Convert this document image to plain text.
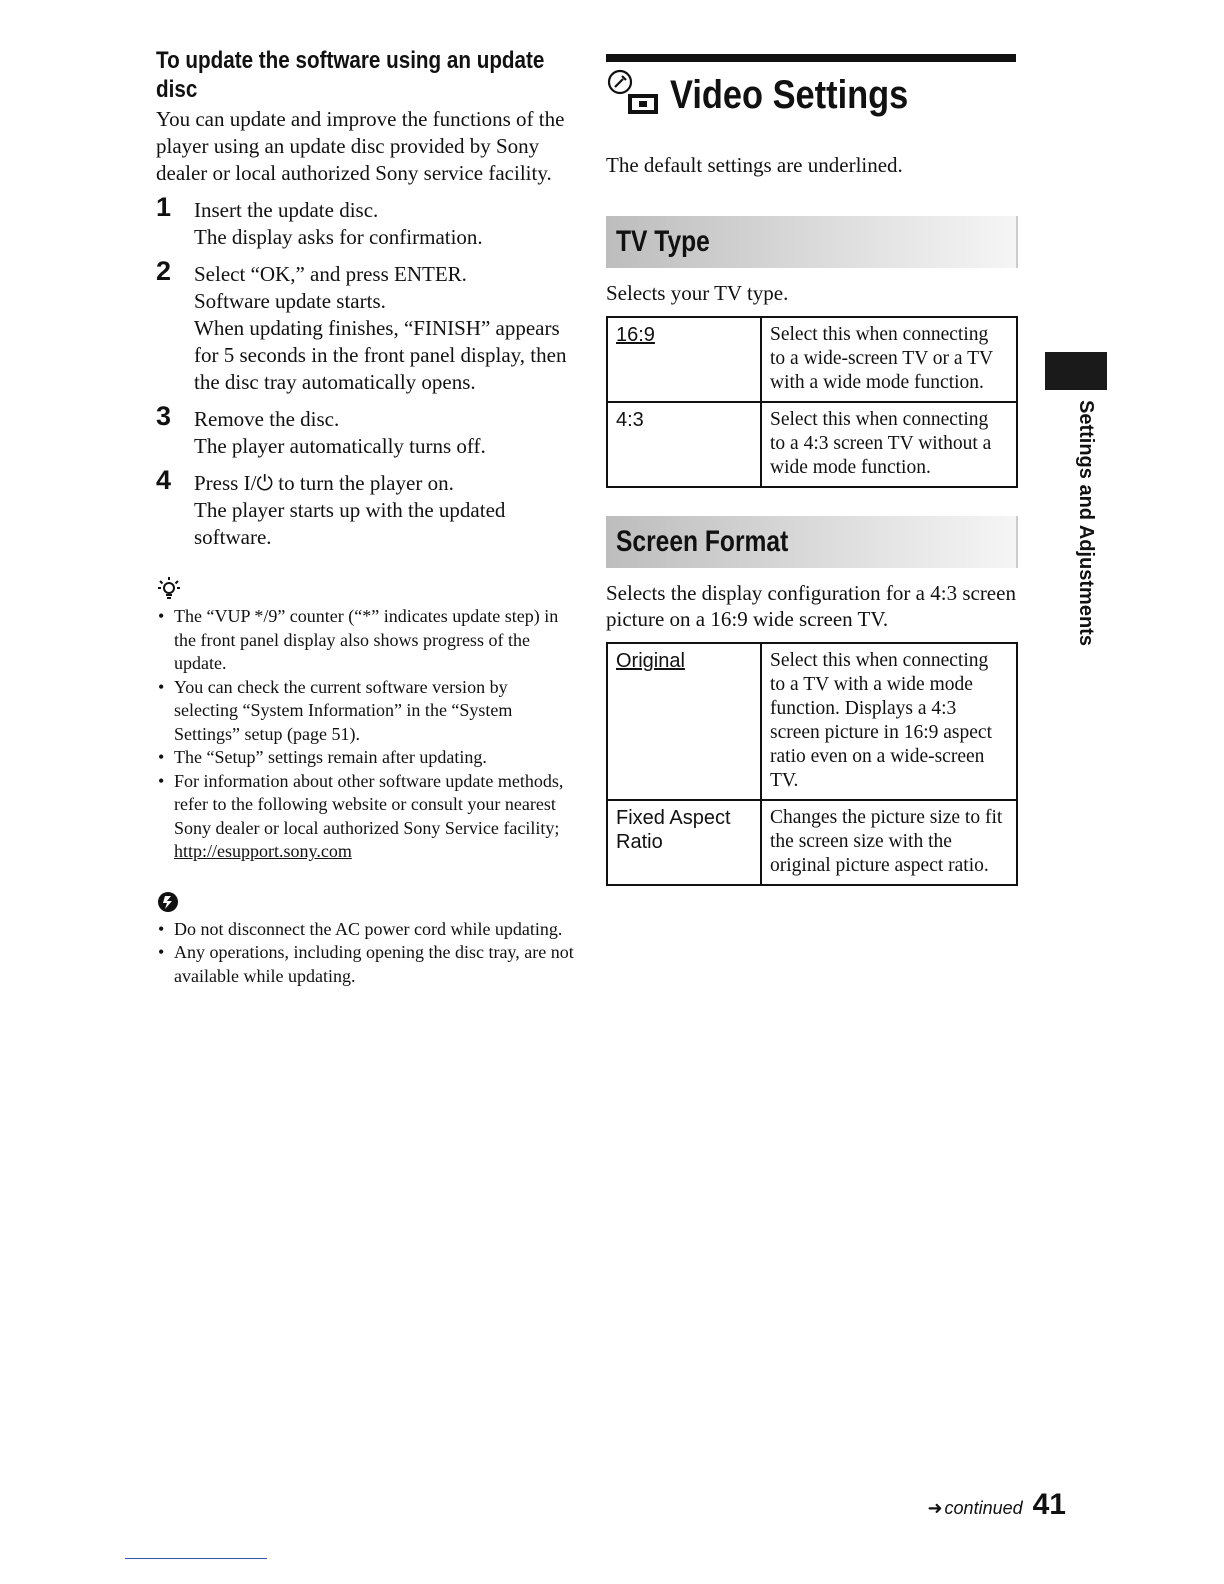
To update the software using an update disc

You can update and improve the functions of the player using an update disc provided by Sony dealer or local authorized Sony service facility.

1 Insert the update disc.
The display asks for confirmation.
2 Select “OK,” and press ENTER.
Software update starts.
When updating finishes, “FINISH” appears for 5 seconds in the front panel display, then the disc tray automatically opens.
3 Remove the disc.
The player automatically turns off.
4 Press I/⏻ to turn the player on.
The player starts up with the updated software.
• The “VUP */9” counter (“*” indicates update step) in the front panel display also shows progress of the update.
• You can check the current software version by selecting “System Information” in the “System Settings” setup (page 51).
• The “Setup” settings remain after updating.
• For information about other software update methods, refer to the following website or consult your nearest Sony dealer or local authorized Sony Service facility;
http://esupport.sony.com
• Do not disconnect the AC power cord while updating.
• Any operations, including opening the disc tray, are not available while updating.
Video Settings
The default settings are underlined.
TV Type
Selects your TV type.
16:9	Select this when connecting to a wide-screen TV or a TV with a wide mode function.
4:3	Select this when connecting to a 4:3 screen TV without a wide mode function.
Screen Format
Selects the display configuration for a 4:3 screen picture on a 16:9 wide screen TV.
Original	Select this when connecting to a TV with a wide mode function. Displays a 4:3 screen picture in 16:9 aspect ratio even on a wide-screen TV.
Fixed Aspect Ratio	Changes the picture size to fit the screen size with the original picture aspect ratio.
Settings and Adjustments
➜ continued 41
